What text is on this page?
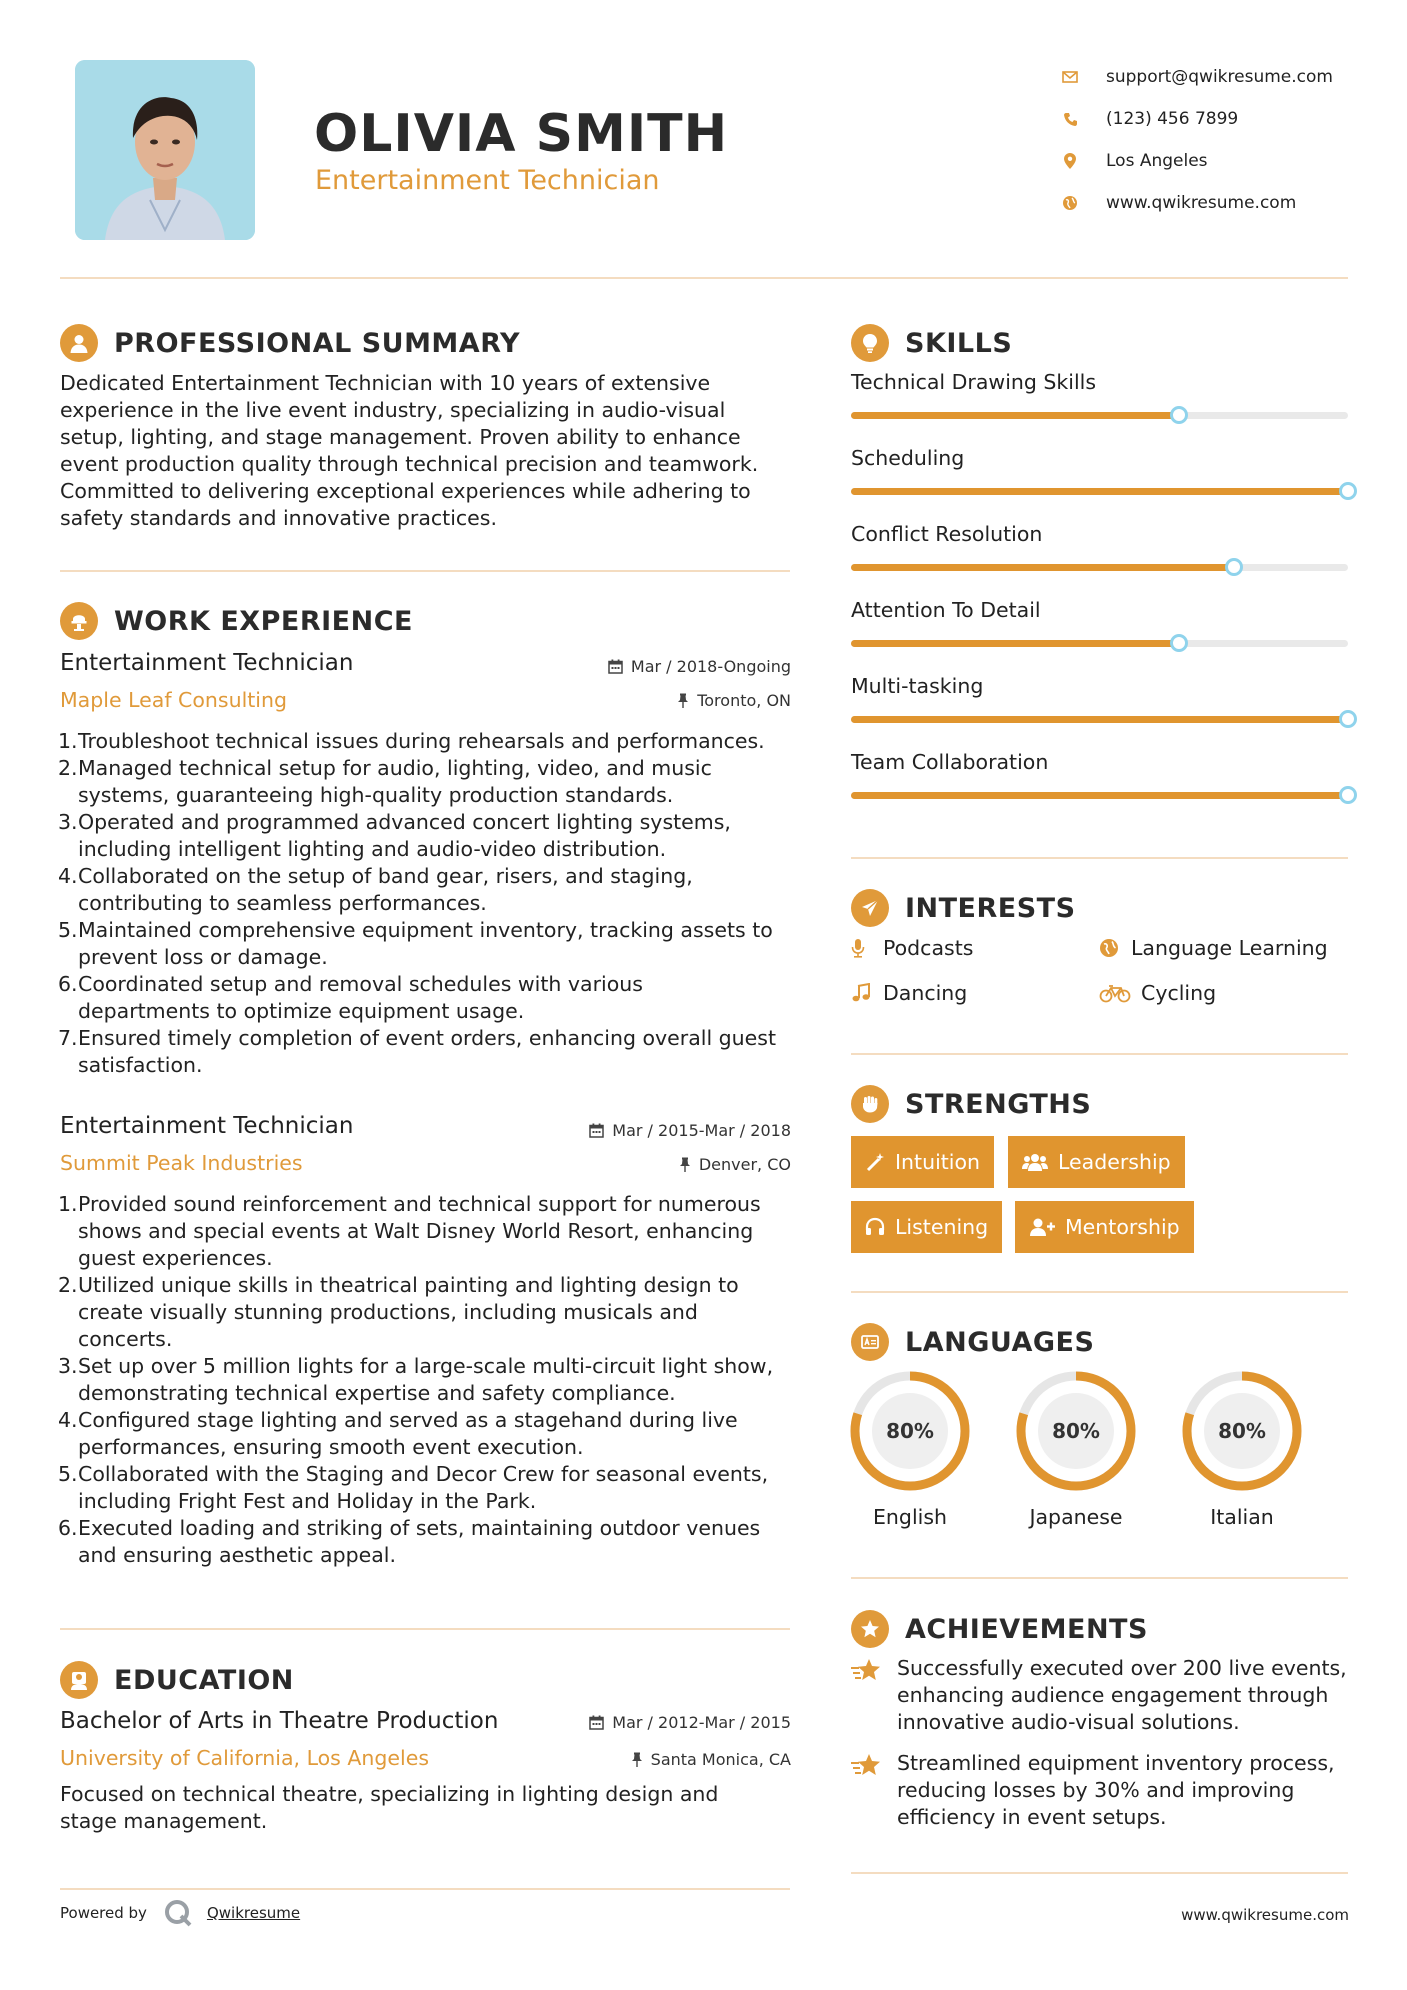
OLIVIA SMITH
Entertainment Technician
support@qwikresume.com
(123) 456 7899
Los Angeles
www.qwikresume.com
PROFESSIONAL SUMMARY
Dedicated Entertainment Technician with 10 years of extensive
experience in the live event industry, specializing in audio-visual
setup, lighting, and stage management. Proven ability to enhance
event production quality through technical precision and teamwork.
Committed to delivering exceptional experiences while adhering to
safety standards and innovative practices.
WORK EXPERIENCE
Entertainment Technician	Mar / 2018-Ongoing
Maple Leaf Consulting	Toronto, ON
1. Troubleshoot technical issues during rehearsals and performances.
2. Managed technical setup for audio, lighting, video, and music
systems, guaranteeing high-quality production standards.
3. Operated and programmed advanced concert lighting systems,
including intelligent lighting and audio-video distribution.
4. Collaborated on the setup of band gear, risers, and staging,
contributing to seamless performances.
5. Maintained comprehensive equipment inventory, tracking assets to
prevent loss or damage.
6. Coordinated setup and removal schedules with various
departments to optimize equipment usage.
7. Ensured timely completion of event orders, enhancing overall guest
satisfaction.
Entertainment Technician	Mar / 2015-Mar / 2018
Summit Peak Industries	Denver, CO
1. Provided sound reinforcement and technical support for numerous
shows and special events at Walt Disney World Resort, enhancing
guest experiences.
2. Utilized unique skills in theatrical painting and lighting design to
create visually stunning productions, including musicals and
concerts.
3. Set up over 5 million lights for a large-scale multi-circuit light show,
demonstrating technical expertise and safety compliance.
4. Configured stage lighting and served as a stagehand during live
performances, ensuring smooth event execution.
5. Collaborated with the Staging and Decor Crew for seasonal events,
including Fright Fest and Holiday in the Park.
6. Executed loading and striking of sets, maintaining outdoor venues
and ensuring aesthetic appeal.
EDUCATION
Bachelor of Arts in Theatre Production	Mar / 2012-Mar / 2015
University of California, Los Angeles	Santa Monica, CA
Focused on technical theatre, specializing in lighting design and
stage management.
SKILLS
Technical Drawing Skills
Scheduling
Conflict Resolution
Attention To Detail
Multi-tasking
Team Collaboration
INTERESTS
Podcasts	Language Learning
Dancing	Cycling
STRENGTHS
Intuition	Leadership
Listening	Mentorship
LANGUAGES
80%
English
80%
Japanese
80%
Italian
ACHIEVEMENTS
Successfully executed over 200 live events,
enhancing audience engagement through
innovative audio-visual solutions.
Streamlined equipment inventory process,
reducing losses by 30% and improving
efficiency in event setups.
Powered by	Qwikresume	www.qwikresume.com
